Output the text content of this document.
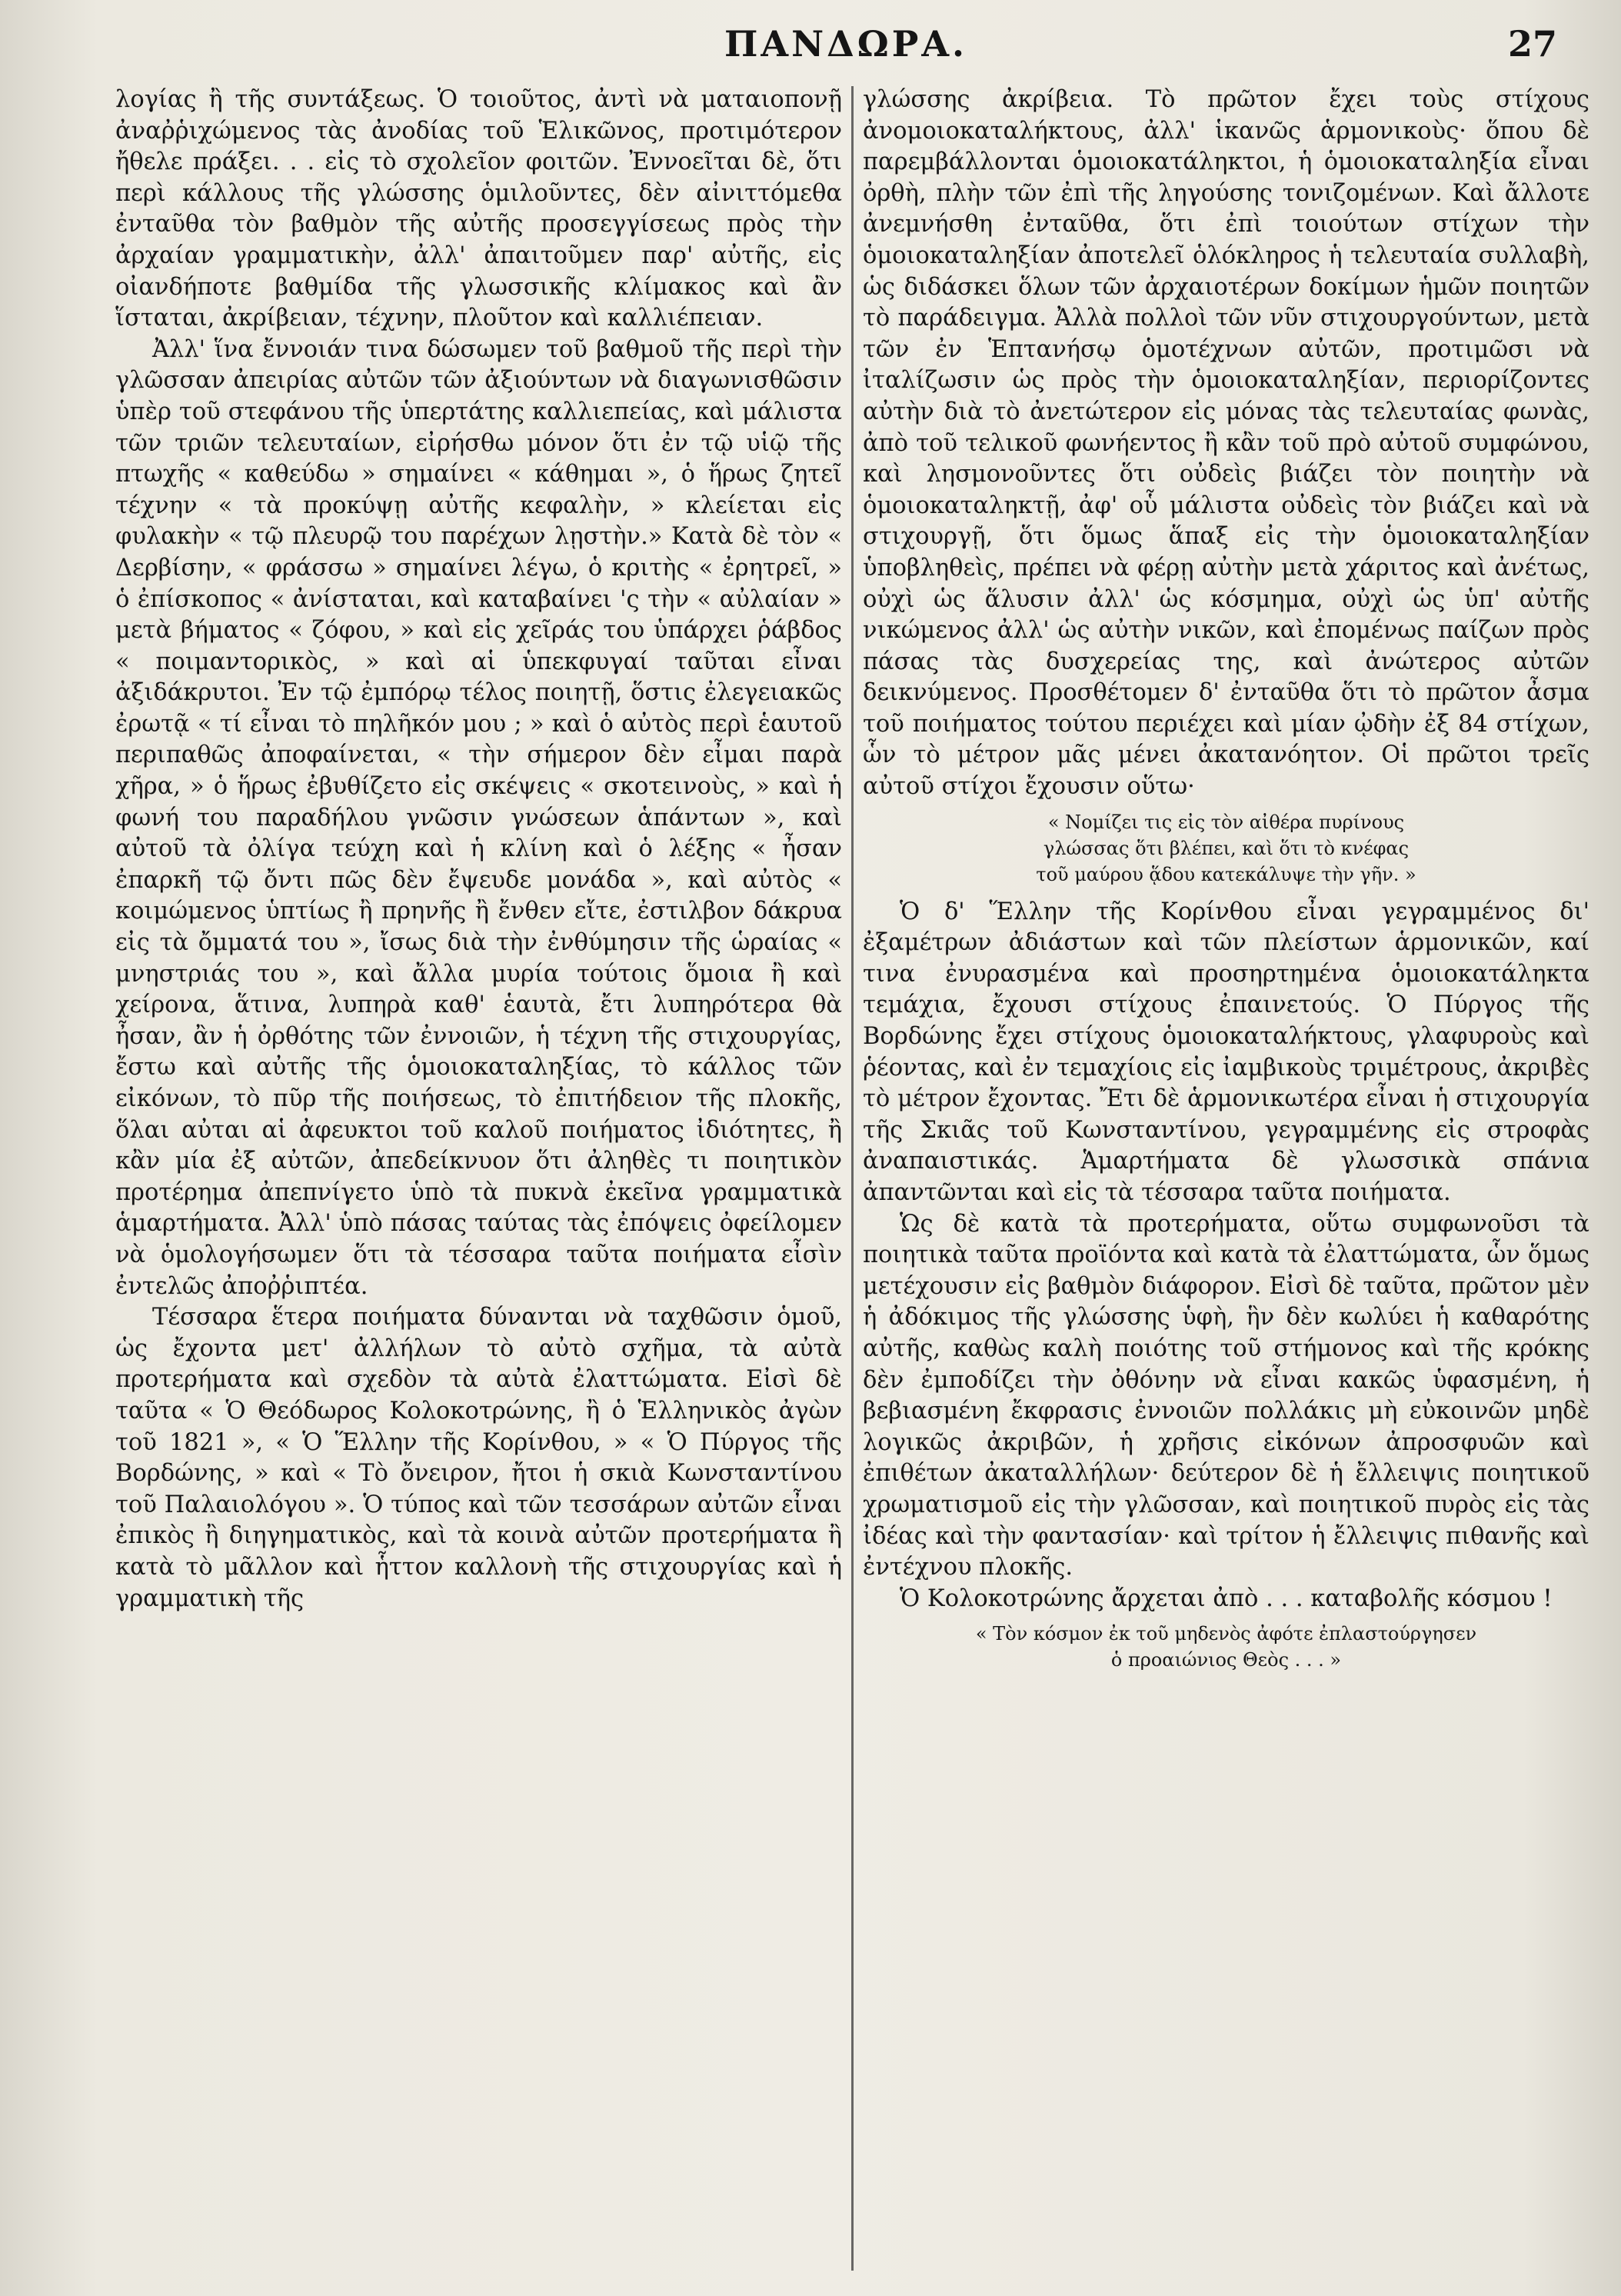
ΠΑΝΔΩΡΑ.	27

λογίας ἢ τῆς συντάξεως. Ὁ τοιοῦτος, ἀντὶ νὰ ματαιοπονῇ ἀναῤῥιχώμενος τὰς ἀνοδίας τοῦ Ἑλικῶνος, προτιμότερον ἤθελε πράξει. . . εἰς τὸ σχολεῖον φοιτῶν. Ἐννοεῖται δὲ, ὅτι περὶ κάλλους τῆς γλώσσης ὁμιλοῦντες, δὲν αἰνιττόμεθα ἐνταῦθα τὸν βαθμὸν τῆς αὐτῆς προσεγγίσεως πρὸς τὴν ἀρχαίαν γραμματικὴν, ἀλλ' ἀπαιτοῦμεν παρ' αὐτῆς, εἰς οἰανδήποτε βαθμίδα τῆς γλωσσικῆς κλίμακος καὶ ἂν ἵσταται, ἀκρίβειαν, τέχνην, πλοῦτον καὶ καλλιέπειαν.

Ἀλλ' ἵνα ἔννοιάν τινα δώσωμεν τοῦ βαθμοῦ τῆς περὶ τὴν γλῶσσαν ἀπειρίας αὐτῶν τῶν ἀξιούντων νὰ διαγωνισθῶσιν ὑπὲρ τοῦ στεφάνου τῆς ὑπερτάτης καλλιεπείας, καὶ μάλιστα τῶν τριῶν τελευταίων, εἰρήσθω μόνον ὅτι ἐν τῷ υἱῷ τῆς πτωχῆς « καθεύδω » σημαίνει « κάθημαι », ὁ ἥρως ζητεῖ τέχνην « τὰ προκύψῃ αὐτῆς κεφαλὴν, » κλείεται εἰς φυλακὴν « τῷ πλευρῷ του παρέχων λῃστὴν.» Κατὰ δὲ τὸν « Δερβίσην, « φράσσω » σημαίνει λέγω, ὁ κριτὴς « ἐρητρεῖ, » ὁ ἐπίσκοπος « ἀνίσταται, καὶ καταβαίνει 'ς τὴν « αὐλαίαν » μετὰ βήματος « ζόφου, » καὶ εἰς χεῖράς του ὑπάρχει ῥάβδος « ποιμαντορικὸς, » καὶ αἱ ὑπεκφυγαί ταῦται εἶναι ἀξιδάκρυτοι. Ἐν τῷ ἐμπόρῳ τέλος ποιητῇ, ὅστις ἐλεγειακῶς ἐρωτᾷ « τί εἶναι τὸ πηλῆκόν μου ; » καὶ ὁ αὐτὸς περὶ ἑαυτοῦ περιπαθῶς ἀποφαίνεται, « τὴν σήμερον δὲν εἶμαι παρὰ χῆρα, » ὁ ἥρως ἐβυθίζετο εἰς σκέψεις « σκοτεινοὺς, » καὶ ἡ φωνή του παραδήλου γνῶσιν γνώσεων ἁπάντων », καὶ αὐτοῦ τὰ ὀλίγα τεύχη καὶ ἡ κλίνη καὶ ὁ λέξης « ἦσαν ἐπαρκῆ τῷ ὄντι πῶς δὲν ἔψευδε μονάδα », καὶ αὐτὸς « κοιμώμενος ὑπτίως ἢ πρηνῆς ἢ ἔνθεν εἴτε, ἐστιλβον δάκρυα εἰς τὰ ὄμματά του », ἴσως διὰ τὴν ἐνθύμησιν τῆς ὡραίας « μνηστριάς του », καὶ ἄλλα μυρία τούτοις ὅμοια ἢ καὶ χείρονα, ἅτινα, λυπηρὰ καθ' ἑαυτὰ, ἔτι λυπηρότερα θὰ ἦσαν, ἂν ἡ ὀρθότης τῶν ἐννοιῶν, ἡ τέχνη τῆς στιχουργίας, ἔστω καὶ αὐτῆς τῆς ὁμοιοκαταληξίας, τὸ κάλλος τῶν εἰκόνων, τὸ πῦρ τῆς ποιήσεως, τὸ ἐπιτήδειον τῆς πλοκῆς, ὅλαι αὐται αἱ ἀφευκτοι τοῦ καλοῦ ποιήματος ἰδιότητες, ἢ κἂν μία ἐξ αὐτῶν, ἀπεδείκνυον ὅτι ἀληθὲς τι ποιητικὸν προτέρημα ἀπεπνίγετο ὑπὸ τὰ πυκνὰ ἐκεῖνα γραμματικὰ ἁμαρτήματα. Ἀλλ' ὑπὸ πάσας ταύτας τὰς ἐπόψεις ὀφείλομεν νὰ ὁμολογήσωμεν ὅτι τὰ τέσσαρα ταῦτα ποιήματα εἶσὶν ἐντελῶς ἀποῤῥιπτέα.

Τέσσαρα ἕτερα ποιήματα δύνανται νὰ ταχθῶσιν ὁμοῦ, ὡς ἔχοντα μετ' ἀλλήλων τὸ αὐτὸ σχῆμα, τὰ αὐτὰ προτερήματα καὶ σχεδὸν τὰ αὐτὰ ἐλαττώματα. Εἰσὶ δὲ ταῦτα « Ὁ Θεόδωρος Κολοκοτρώνης, ἢ ὁ Ἑλληνικὸς ἀγὼν τοῦ 1821 », « Ὁ Ἕλλην τῆς Κορίνθου, » « Ὁ Πύργος τῆς Βορδώνης, » καὶ « Τὸ ὄνειρον, ἤτοι ἡ σκιὰ Κωνσταντίνου τοῦ Παλαιολόγου ». Ὁ τύπος καὶ τῶν τεσσάρων αὐτῶν εἶναι ἐπικὸς ἢ διηγηματικὸς, καὶ τὰ κοινὰ αὐτῶν προτερήματα ἢ κατὰ τὸ μᾶλλον καὶ ἧττον καλλονὴ τῆς στιχουργίας καὶ ἡ γραμματικὴ τῆς

γλώσσης ἀκρίβεια. Τὸ πρῶτον ἔχει τοὺς στίχους ἀνομοιοκαταλήκτους, ἀλλ' ἱκανῶς ἁρμονικοὺς· ὅπου δὲ παρεμβάλλονται ὁμοιοκατάληκτοι, ἡ ὁμοιοκαταληξία εἶναι ὀρθὴ, πλὴν τῶν ἐπὶ τῆς ληγούσης τονιζομένων. Καὶ ἄλλοτε ἀνεμνήσθη ἐνταῦθα, ὅτι ἐπὶ τοιούτων στίχων τὴν ὁμοιοκαταληξίαν ἀποτελεῖ ὁλόκληρος ἡ τελευταία συλλαβὴ, ὡς διδάσκει ὅλων τῶν ἀρχαιοτέρων δοκίμων ἡμῶν ποιητῶν τὸ παράδειγμα. Ἀλλὰ πολλοὶ τῶν νῦν στιχουργούντων, μετὰ τῶν ἐν Ἑπτανήσῳ ὁμοτέχνων αὐτῶν, προτιμῶσι νὰ ἰταλίζωσιν ὡς πρὸς τὴν ὁμοιοκαταληξίαν, περιορίζοντες αὐτὴν διὰ τὸ ἀνετώτερον εἰς μόνας τὰς τελευταίας φωνὰς, ἀπὸ τοῦ τελικοῦ φωνήεντος ἢ κἂν τοῦ πρὸ αὐτοῦ συμφώνου, καὶ λησμονοῦντες ὅτι οὐδεὶς βιάζει τὸν ποιητὴν νὰ ὁμοιοκαταληκτῇ, ἀφ' οὗ μάλιστα οὐδεὶς τὸν βιάζει καὶ νὰ στιχουργῇ, ὅτι ὅμως ἅπαξ εἰς τὴν ὁμοιοκαταληξίαν ὑποβληθεὶς, πρέπει νὰ φέρῃ αὐτὴν μετὰ χάριτος καὶ ἀνέτως, οὐχὶ ὡς ἅλυσιν ἀλλ' ὡς κόσμημα, οὐχὶ ὡς ὑπ' αὐτῆς νικώμενος ἀλλ' ὡς αὐτὴν νικῶν, καὶ ἐπομένως παίζων πρὸς πάσας τὰς δυσχερείας της, καὶ ἀνώτερος αὐτῶν δεικνύμενος. Προσθέτομεν δ' ἐνταῦθα ὅτι τὸ πρῶτον ἆσμα τοῦ ποιήματος τούτου περιέχει καὶ μίαν ᾠδὴν ἐξ 84 στίχων, ὧν τὸ μέτρον μᾶς μένει ἀκατανόητον. Οἱ πρῶτοι τρεῖς αὐτοῦ στίχοι ἔχουσιν οὕτω·

« Νομίζει τις εἰς τὸν αἰθέρα πυρίνους
γλώσσας ὅτι βλέπει, καὶ ὅτι τὸ κνέφας
τοῦ μαύρου ᾅδου κατεκάλυψε τὴν γῆν. »

Ὁ δ' Ἕλλην τῆς Κορίνθου εἶναι γεγραμμένος δι' ἐξαμέτρων ἀδιάστων καὶ τῶν πλείστων ἁρμονικῶν, καί τινα ἐνυρασμένα καὶ προσηρτημένα ὁμοιοκατάληκτα τεμάχια, ἔχουσι στίχους ἐπαινετούς. Ὁ Πύργος τῆς Βορδώνης ἔχει στίχους ὁμοιοκαταλήκτους, γλαφυροὺς καὶ ῥέοντας, καὶ ἐν τεμαχίοις εἰς ἰαμβικοὺς τριμέτρους, ἀκριβὲς τὸ μέτρον ἔχοντας. Ἔτι δὲ ἁρμονικωτέρα εἶναι ἡ στιχουργία τῆς Σκιᾶς τοῦ Κωνσταντίνου, γεγραμμένης εἰς στροφὰς ἀναπαιστικάς. Ἁμαρτήματα δὲ γλωσσικὰ σπάνια ἀπαντῶνται καὶ εἰς τὰ τέσσαρα ταῦτα ποιήματα.

Ὡς δὲ κατὰ τὰ προτερήματα, οὕτω συμφωνοῦσι τὰ ποιητικὰ ταῦτα προϊόντα καὶ κατὰ τὰ ἐλαττώματα, ὧν ὅμως μετέχουσιν εἰς βαθμὸν διάφορον. Εἰσὶ δὲ ταῦτα, πρῶτον μὲν ἡ ἀδόκιμος τῆς γλώσσης ὑφὴ, ἣν δὲν κωλύει ἡ καθαρότης αὐτῆς, καθὼς καλὴ ποιότης τοῦ στήμονος καὶ τῆς κρόκης δὲν ἐμποδίζει τὴν ὀθόνην νὰ εἶναι κακῶς ὑφασμένη, ἡ βεβιασμένη ἔκφρασις ἐννοιῶν πολλάκις μὴ εὐκοινῶν μηδὲ λογικῶς ἀκριβῶν, ἡ χρῆσις εἰκόνων ἀπροσφυῶν καὶ ἐπιθέτων ἀκαταλλήλων· δεύτερον δὲ ἡ ἔλλειψις ποιητικοῦ χρωματισμοῦ εἰς τὴν γλῶσσαν, καὶ ποιητικοῦ πυρὸς εἰς τὰς ἰδέας καὶ τὴν φαντασίαν· καὶ τρίτον ἡ ἔλλειψις πιθανῆς καὶ ἐντέχνου πλοκῆς.

Ὁ Κολοκοτρώνης ἄρχεται ἀπὸ . . . καταβολῆς κόσμου !

« Τὸν κόσμον ἐκ τοῦ μηδενὸς ἀφότε ἐπλαστούργησεν
ὁ προαιώνιος Θεὸς . . . »
